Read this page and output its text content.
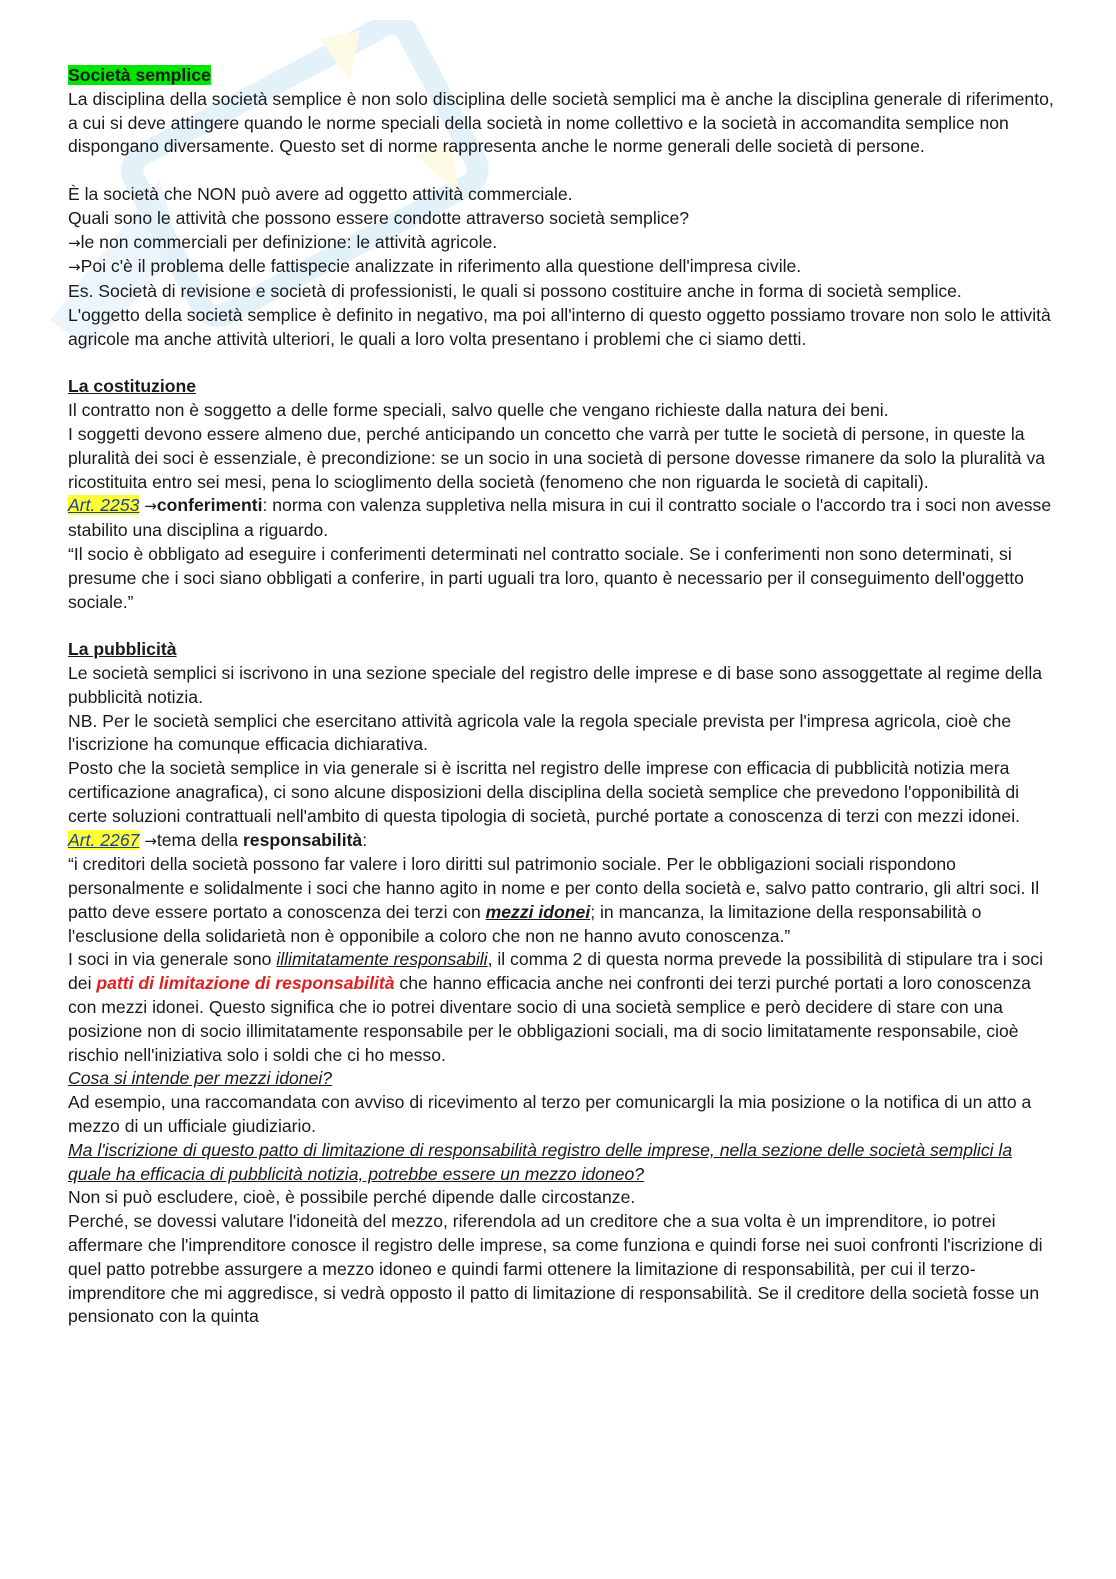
Società semplice

La disciplina della società semplice è non solo disciplina delle società semplici ma è anche la disciplina generale di riferimento, a cui si deve attingere quando le norme speciali della società in nome collettivo e la società in accomandita semplice non dispongano diversamente. Questo set di norme rappresenta anche le norme generali delle società di persone.

È la società che NON può avere ad oggetto attività commerciale.

Quali sono le attività che possono essere condotte attraverso società semplice?

→le non commerciali per definizione: le attività agricole.

→Poi c'è il problema delle fattispecie analizzate in riferimento alla questione dell'impresa civile.

Es. Società di revisione e società di professionisti, le quali si possono costituire anche in forma di società semplice.

L'oggetto della società semplice è definito in negativo, ma poi all'interno di questo oggetto possiamo trovare non solo le attività agricole ma anche attività ulteriori, le quali a loro volta presentano i problemi che ci siamo detti.

La costituzione

Il contratto non è soggetto a delle forme speciali, salvo quelle che vengano richieste dalla natura dei beni.

I soggetti devono essere almeno due, perché anticipando un concetto che varrà per tutte le società di persone, in queste la pluralità dei soci è essenziale, è precondizione: se un socio in una società di persone dovesse rimanere da solo la pluralità va ricostituita entro sei mesi, pena lo scioglimento della società (fenomeno che non riguarda le società di capitali).

Art. 2253 →conferimenti: norma con valenza suppletiva nella misura in cui il contratto sociale o l'accordo tra i soci non avesse stabilito una disciplina a riguardo.

“Il socio è obbligato ad eseguire i conferimenti determinati nel contratto sociale. Se i conferimenti non sono determinati, si presume che i soci siano obbligati a conferire, in parti uguali tra loro, quanto è necessario per il conseguimento dell'oggetto sociale.”

La pubblicità

Le società semplici si iscrivono in una sezione speciale del registro delle imprese e di base sono assoggettate al regime della pubblicità notizia.

NB. Per le società semplici che esercitano attività agricola vale la regola speciale prevista per l'impresa agricola, cioè che l'iscrizione ha comunque efficacia dichiarativa.

Posto che la società semplice in via generale si è iscritta nel registro delle imprese con efficacia di pubblicità notizia mera certificazione anagrafica), ci sono alcune disposizioni della disciplina della società semplice che prevedono l'opponibilità di certe soluzioni contrattuali nell'ambito di questa tipologia di società, purché portate a conoscenza di terzi con mezzi idonei.

Art. 2267 →tema della responsabilità:

“i creditori della società possono far valere i loro diritti sul patrimonio sociale. Per le obbligazioni sociali rispondono personalmente e solidalmente i soci che hanno agito in nome e per conto della società e, salvo patto contrario, gli altri soci. Il patto deve essere portato a conoscenza dei terzi con mezzi idonei; in mancanza, la limitazione della responsabilità o l'esclusione della solidarietà non è opponibile a coloro che non ne hanno avuto conoscenza.”

I soci in via generale sono illimitatamente responsabili, il comma 2 di questa norma prevede la possibilità di stipulare tra i soci dei patti di limitazione di responsabilità che hanno efficacia anche nei confronti dei terzi purché portati a loro conoscenza con mezzi idonei. Questo significa che io potrei diventare socio di una società semplice e però decidere di stare con una posizione non di socio illimitatamente responsabile per le obbligazioni sociali, ma di socio limitatamente responsabile, cioè rischio nell'iniziativa solo i soldi che ci ho messo.

Cosa si intende per mezzi idonei?

Ad esempio, una raccomandata con avviso di ricevimento al terzo per comunicargli la mia posizione o la notifica di un atto a mezzo di un ufficiale giudiziario.

Ma l'iscrizione di questo patto di limitazione di responsabilità registro delle imprese, nella sezione delle società semplici la quale ha efficacia di pubblicità notizia, potrebbe essere un mezzo idoneo?

Non si può escludere, cioè, è possibile perché dipende dalle circostanze.

Perché, se dovessi valutare l'idoneità del mezzo, riferendola ad un creditore che a sua volta è un imprenditore, io potrei affermare che l'imprenditore conosce il registro delle imprese, sa come funziona e quindi forse nei suoi confronti l'iscrizione di quel patto potrebbe assurgere a mezzo idoneo e quindi farmi ottenere la limitazione di responsabilità, per cui il terzo-imprenditore che mi aggredisce, si vedrà opposto il patto di limitazione di responsabilità. Se il creditore della società fosse un pensionato con la quinta
